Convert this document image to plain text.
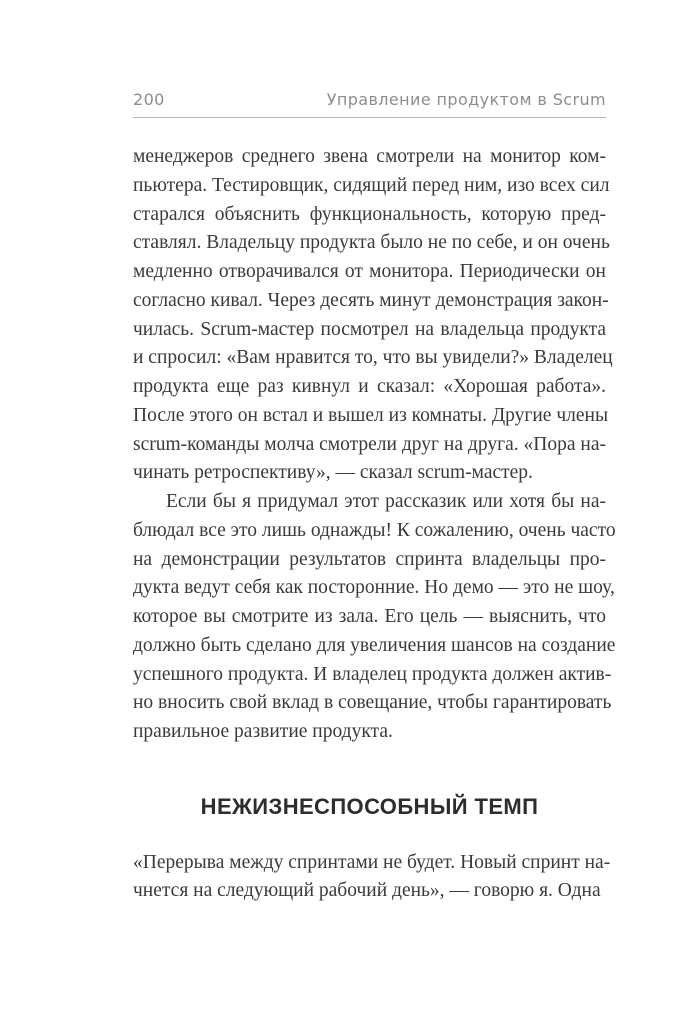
200	Управление продуктом в Scrum
менеджеров среднего звена смотрели на монитор ком-
пьютера. Тестировщик, сидящий перед ним, изо всех сил
старался объяснить функциональность, которую пред-
ставлял. Владельцу продукта было не по себе, и он очень
медленно отворачивался от монитора. Периодически он
согласно кивал. Через десять минут демонстрация закон-
чилась. Scrum-мастер посмотрел на владельца продукта
и спросил: «Вам нравится то, что вы увидели?» Владелец
продукта еще раз кивнул и сказал: «Хорошая работа».
После этого он встал и вышел из комнаты. Другие члены
scrum-команды молча смотрели друг на друга. «Пора на-
чинать ретроспективу», — сказал scrum-мастер.
Если бы я придумал этот рассказик или хотя бы на-
блюдал все это лишь однажды! К сожалению, очень часто
на демонстрации результатов спринта владельцы про-
дукта ведут себя как посторонние. Но демо — это не шоу,
которое вы смотрите из зала. Его цель — выяснить, что
должно быть сделано для увеличения шансов на создание
успешного продукта. И владелец продукта должен актив-
но вносить свой вклад в совещание, чтобы гарантировать
правильное развитие продукта.
НЕЖИЗНЕСПОСОБНЫЙ ТЕМП
«Перерыва между спринтами не будет. Новый спринт на-
чнется на следующий рабочий день», — говорю я. Одна
